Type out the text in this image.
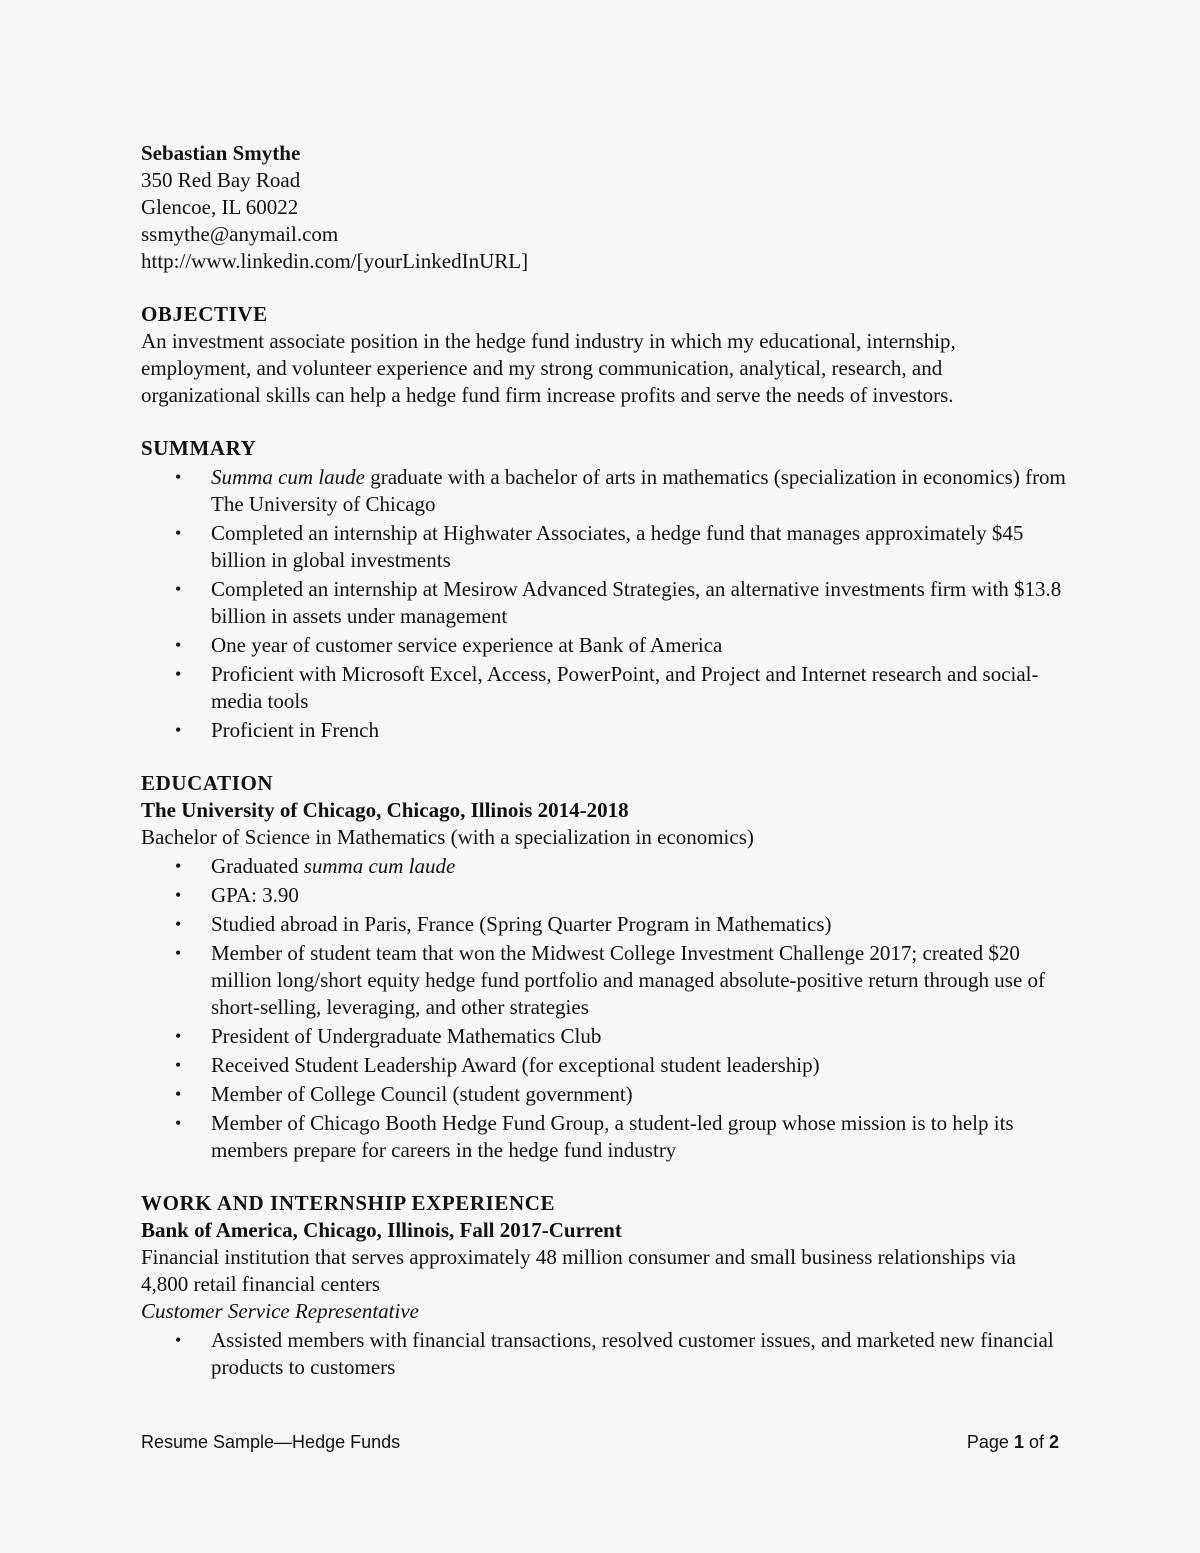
Sebastian Smythe
350 Red Bay Road
Glencoe, IL 60022
ssmythe@anymail.com
http://www.linkedin.com/[yourLinkedInURL]
OBJECTIVE
An investment associate position in the hedge fund industry in which my educational, internship, employment, and volunteer experience and my strong communication, analytical, research, and organizational skills can help a hedge fund firm increase profits and serve the needs of investors.
SUMMARY
• Summa cum laude graduate with a bachelor of arts in mathematics (specialization in economics) from The University of Chicago
• Completed an internship at Highwater Associates, a hedge fund that manages approximately $45 billion in global investments
• Completed an internship at Mesirow Advanced Strategies, an alternative investments firm with $13.8 billion in assets under management
• One year of customer service experience at Bank of America
• Proficient with Microsoft Excel, Access, PowerPoint, and Project and Internet research and social-media tools
• Proficient in French
EDUCATION
The University of Chicago, Chicago, Illinois 2014-2018
Bachelor of Science in Mathematics (with a specialization in economics)
• Graduated summa cum laude
• GPA: 3.90
• Studied abroad in Paris, France (Spring Quarter Program in Mathematics)
• Member of student team that won the Midwest College Investment Challenge 2017; created $20 million long/short equity hedge fund portfolio and managed absolute-positive return through use of short-selling, leveraging, and other strategies
• President of Undergraduate Mathematics Club
• Received Student Leadership Award (for exceptional student leadership)
• Member of College Council (student government)
• Member of Chicago Booth Hedge Fund Group, a student-led group whose mission is to help its members prepare for careers in the hedge fund industry
WORK AND INTERNSHIP EXPERIENCE
Bank of America, Chicago, Illinois, Fall 2017-Current
Financial institution that serves approximately 48 million consumer and small business relationships via 4,800 retail financial centers
Customer Service Representative
• Assisted members with financial transactions, resolved customer issues, and marketed new financial products to customers
Resume Sample—Hedge Funds	Page 1 of 2
